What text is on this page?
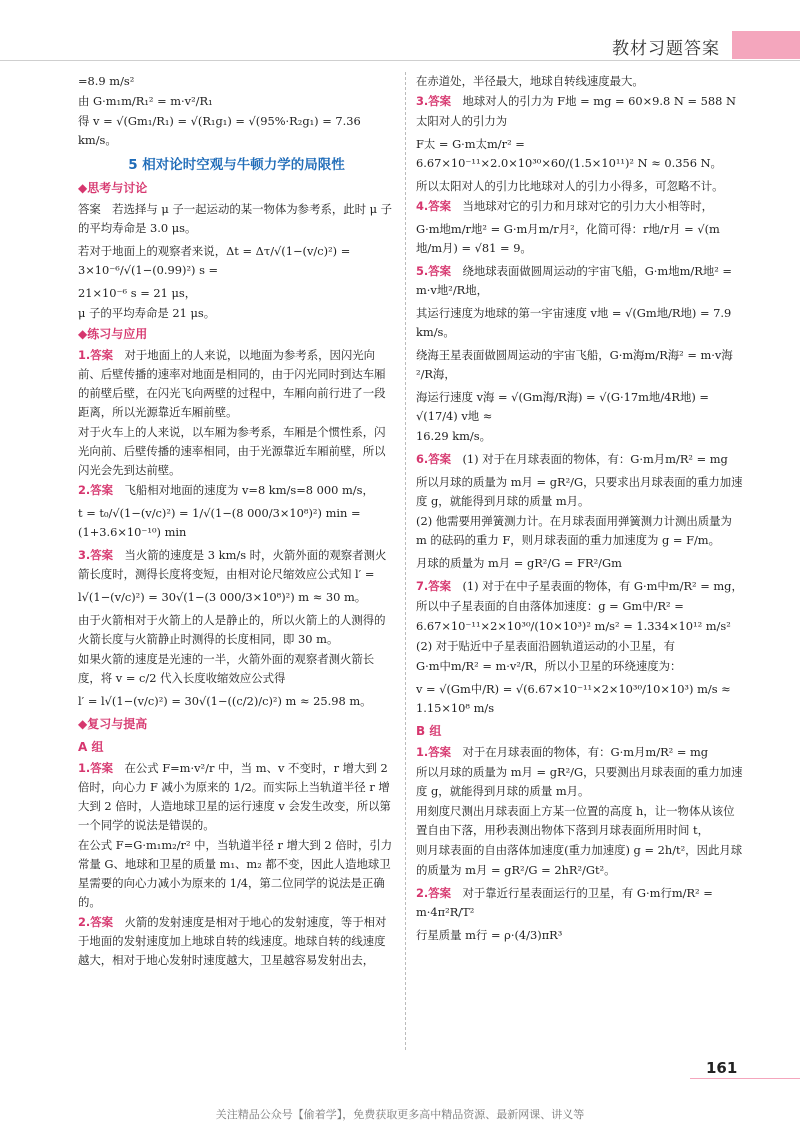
教材习题答案

=8.9 m/s²

由 G·m₁m/R₁² = m·v²/R₁

得 v = √(Gm₁/R₁) = √(R₁g₁) = √(95%·R₂g₁) = 7.36 km/s。

5 相对论时空观与牛顿力学的局限性
◆思考与讨论

答案　若选择与 μ 子一起运动的某一物体为参考系，此时 μ 子的平均寿命是 3.0 μs。

若对于地面上的观察者来说，Δt = Δτ/√(1−(v/c)²) = 3×10⁻⁶/√(1−(0.99)²) s =

21×10⁻⁶ s = 21 μs，

μ 子的平均寿命是 21 μs。

◆练习与应用

1.答案　对于地面上的人来说，以地面为参考系，因闪光向前、后壁传播的速率对地面是相同的，由于闪光同时到达车厢的前壁后壁，在闪光飞向两壁的过程中，车厢向前行进了一段距离，所以光源靠近车厢前壁。

对于火车上的人来说，以车厢为参考系，车厢是个惯性系，闪光向前、后壁传播的速率相同，由于光源靠近车厢前壁，所以闪光会先到达前壁。

2.答案　飞船相对地面的速度为 v=8 km/s=8 000 m/s，

t = t₀/√(1−(v/c)²) = 1/√(1−(8 000/3×10⁸)²) min = (1+3.6×10⁻¹⁰) min

3.答案　当火箭的速度是 3 km/s 时，火箭外面的观察者测火箭长度时，测得长度将变短，由相对论尺缩效应公式知 l′ =

l√(1−(v/c)²) = 30√(1−(3 000/3×10⁸)²) m ≈ 30 m。

由于火箭相对于火箭上的人是静止的，所以火箭上的人测得的火箭长度与火箭静止时测得的长度相同，即 30 m。

如果火箭的速度是光速的一半，火箭外面的观察者测火箭长度，将 v = c/2 代入长度收缩效应公式得

l′ = l√(1−(v/c)²) = 30√(1−((c/2)/c)²) m ≈ 25.98 m。

◆复习与提高
A 组

1.答案　在公式 F=m·v²/r 中，当 m、v 不变时，r 增大到 2 倍时，向心力 F 减小为原来的 1/2。而实际上当轨道半径 r 增大到 2 倍时，人造地球卫星的运行速度 v 会发生改变，所以第一个同学的说法是错误的。

在公式 F=G·m₁m₂/r² 中，当轨道半径 r 增大到 2 倍时，引力常量 G、地球和卫星的质量 m₁、m₂ 都不变，因此人造地球卫星需要的向心力减小为原来的 1/4，第二位同学的说法是正确的。

2.答案　火箭的发射速度是相对于地心的发射速度，等于相对于地面的发射速度加上地球自转的线速度。地球自转的线速度越大，相对于地心发射时速度越大，卫星越容易发射出去，

在赤道处，半径最大，地球自转线速度最大。

3.答案　地球对人的引力为 F地 = mg = 60×9.8 N = 588 N

太阳对人的引力为

F太 = G·m太m/r² = 6.67×10⁻¹¹×2.0×10³⁰×60/(1.5×10¹¹)² N ≈ 0.356 N。

所以太阳对人的引力比地球对人的引力小得多，可忽略不计。

4.答案　当地球对它的引力和月球对它的引力大小相等时，

G·m地m/r地² = G·m月m/r月²，化简可得：r地/r月 = √(m地/m月) = √81 = 9。

5.答案　绕地球表面做圆周运动的宇宙飞船，G·m地m/R地² = m·v地²/R地，

其运行速度为地球的第一宇宙速度 v地 = √(Gm地/R地) = 7.9 km/s。

绕海王星表面做圆周运动的宇宙飞船，G·m海m/R海² = m·v海²/R海，

海运行速度 v海 = √(Gm海/R海) = √(G·17m地/4R地) = √(17/4) v地 ≈

16.29 km/s。

6.答案　(1) 对于在月球表面的物体，有：G·m月m/R² = mg

所以月球的质量为 m月 = gR²/G，只要求出月球表面的重力加速度 g，就能得到月球的质量 m月。

(2) 他需要用弹簧测力计。在月球表面用弹簧测力计测出质量为 m 的砝码的重力 F，则月球表面的重力加速度为 g = F/m。

月球的质量为 m月 = gR²/G = FR²/Gm

7.答案　(1) 对于在中子星表面的物体，有 G·m中m/R² = mg，

所以中子星表面的自由落体加速度：g = Gm中/R² =

6.67×10⁻¹¹×2×10³⁰/(10×10³)² m/s² = 1.334×10¹² m/s²

(2) 对于贴近中子星表面沿圆轨道运动的小卫星，有

G·m中m/R² = m·v²/R，所以小卫星的环绕速度为：

v = √(Gm中/R) = √(6.67×10⁻¹¹×2×10³⁰/10×10³) m/s ≈ 1.15×10⁸ m/s

B 组

1.答案　对于在月球表面的物体，有：G·m月m/R² = mg

所以月球的质量为 m月 = gR²/G，只要测出月球表面的重力加速度 g，就能得到月球的质量 m月。

用刻度尺测出月球表面上方某一位置的高度 h，让一物体从该位置自由下落，用秒表测出物体下落到月球表面所用时间 t，

则月球表面的自由落体加速度(重力加速度) g = 2h/t²，因此月球

的质量为 m月 = gR²/G = 2hR²/Gt²。

2.答案　对于靠近行星表面运行的卫星，有 G·m行m/R² = m·4π²R/T²

行星质量 m行 = ρ·(4/3)πR³

161
关注精品公众号【偷着学】，免费获取更多高中精品资源、最新网课、讲义等
